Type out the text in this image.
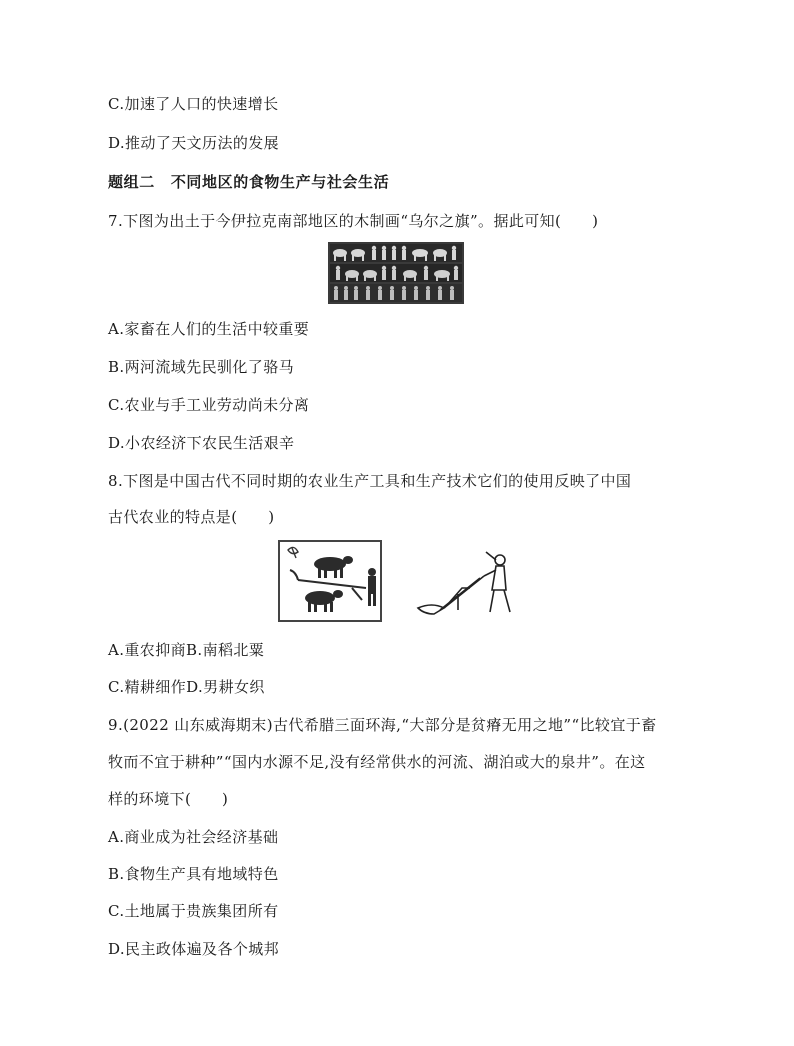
C.加速了人口的快速增长
D.推动了天文历法的发展
题组二 不同地区的食物生产与社会生活
7.下图为出土于今伊拉克南部地区的木制画“乌尔之旗”。据此可知(　　)
A.家畜在人们的生活中较重要
B.两河流域先民驯化了骆马
C.农业与手工业劳动尚未分离
D.小农经济下农民生活艰辛
8.下图是中国古代不同时期的农业生产工具和生产技术它们的使用反映了中国
古代农业的特点是(　　)
A.重农抑商B.南稻北粟
C.精耕细作D.男耕女织
9.(2022 山东威海期末)古代希腊三面环海,“大部分是贫瘠无用之地”“比较宜于畜
牧而不宜于耕种”“国内水源不足,没有经常供水的河流、湖泊或大的泉井”。在这
样的环境下(　　)
A.商业成为社会经济基础
B.食物生产具有地域特色
C.土地属于贵族集团所有
D.民主政体遍及各个城邦
